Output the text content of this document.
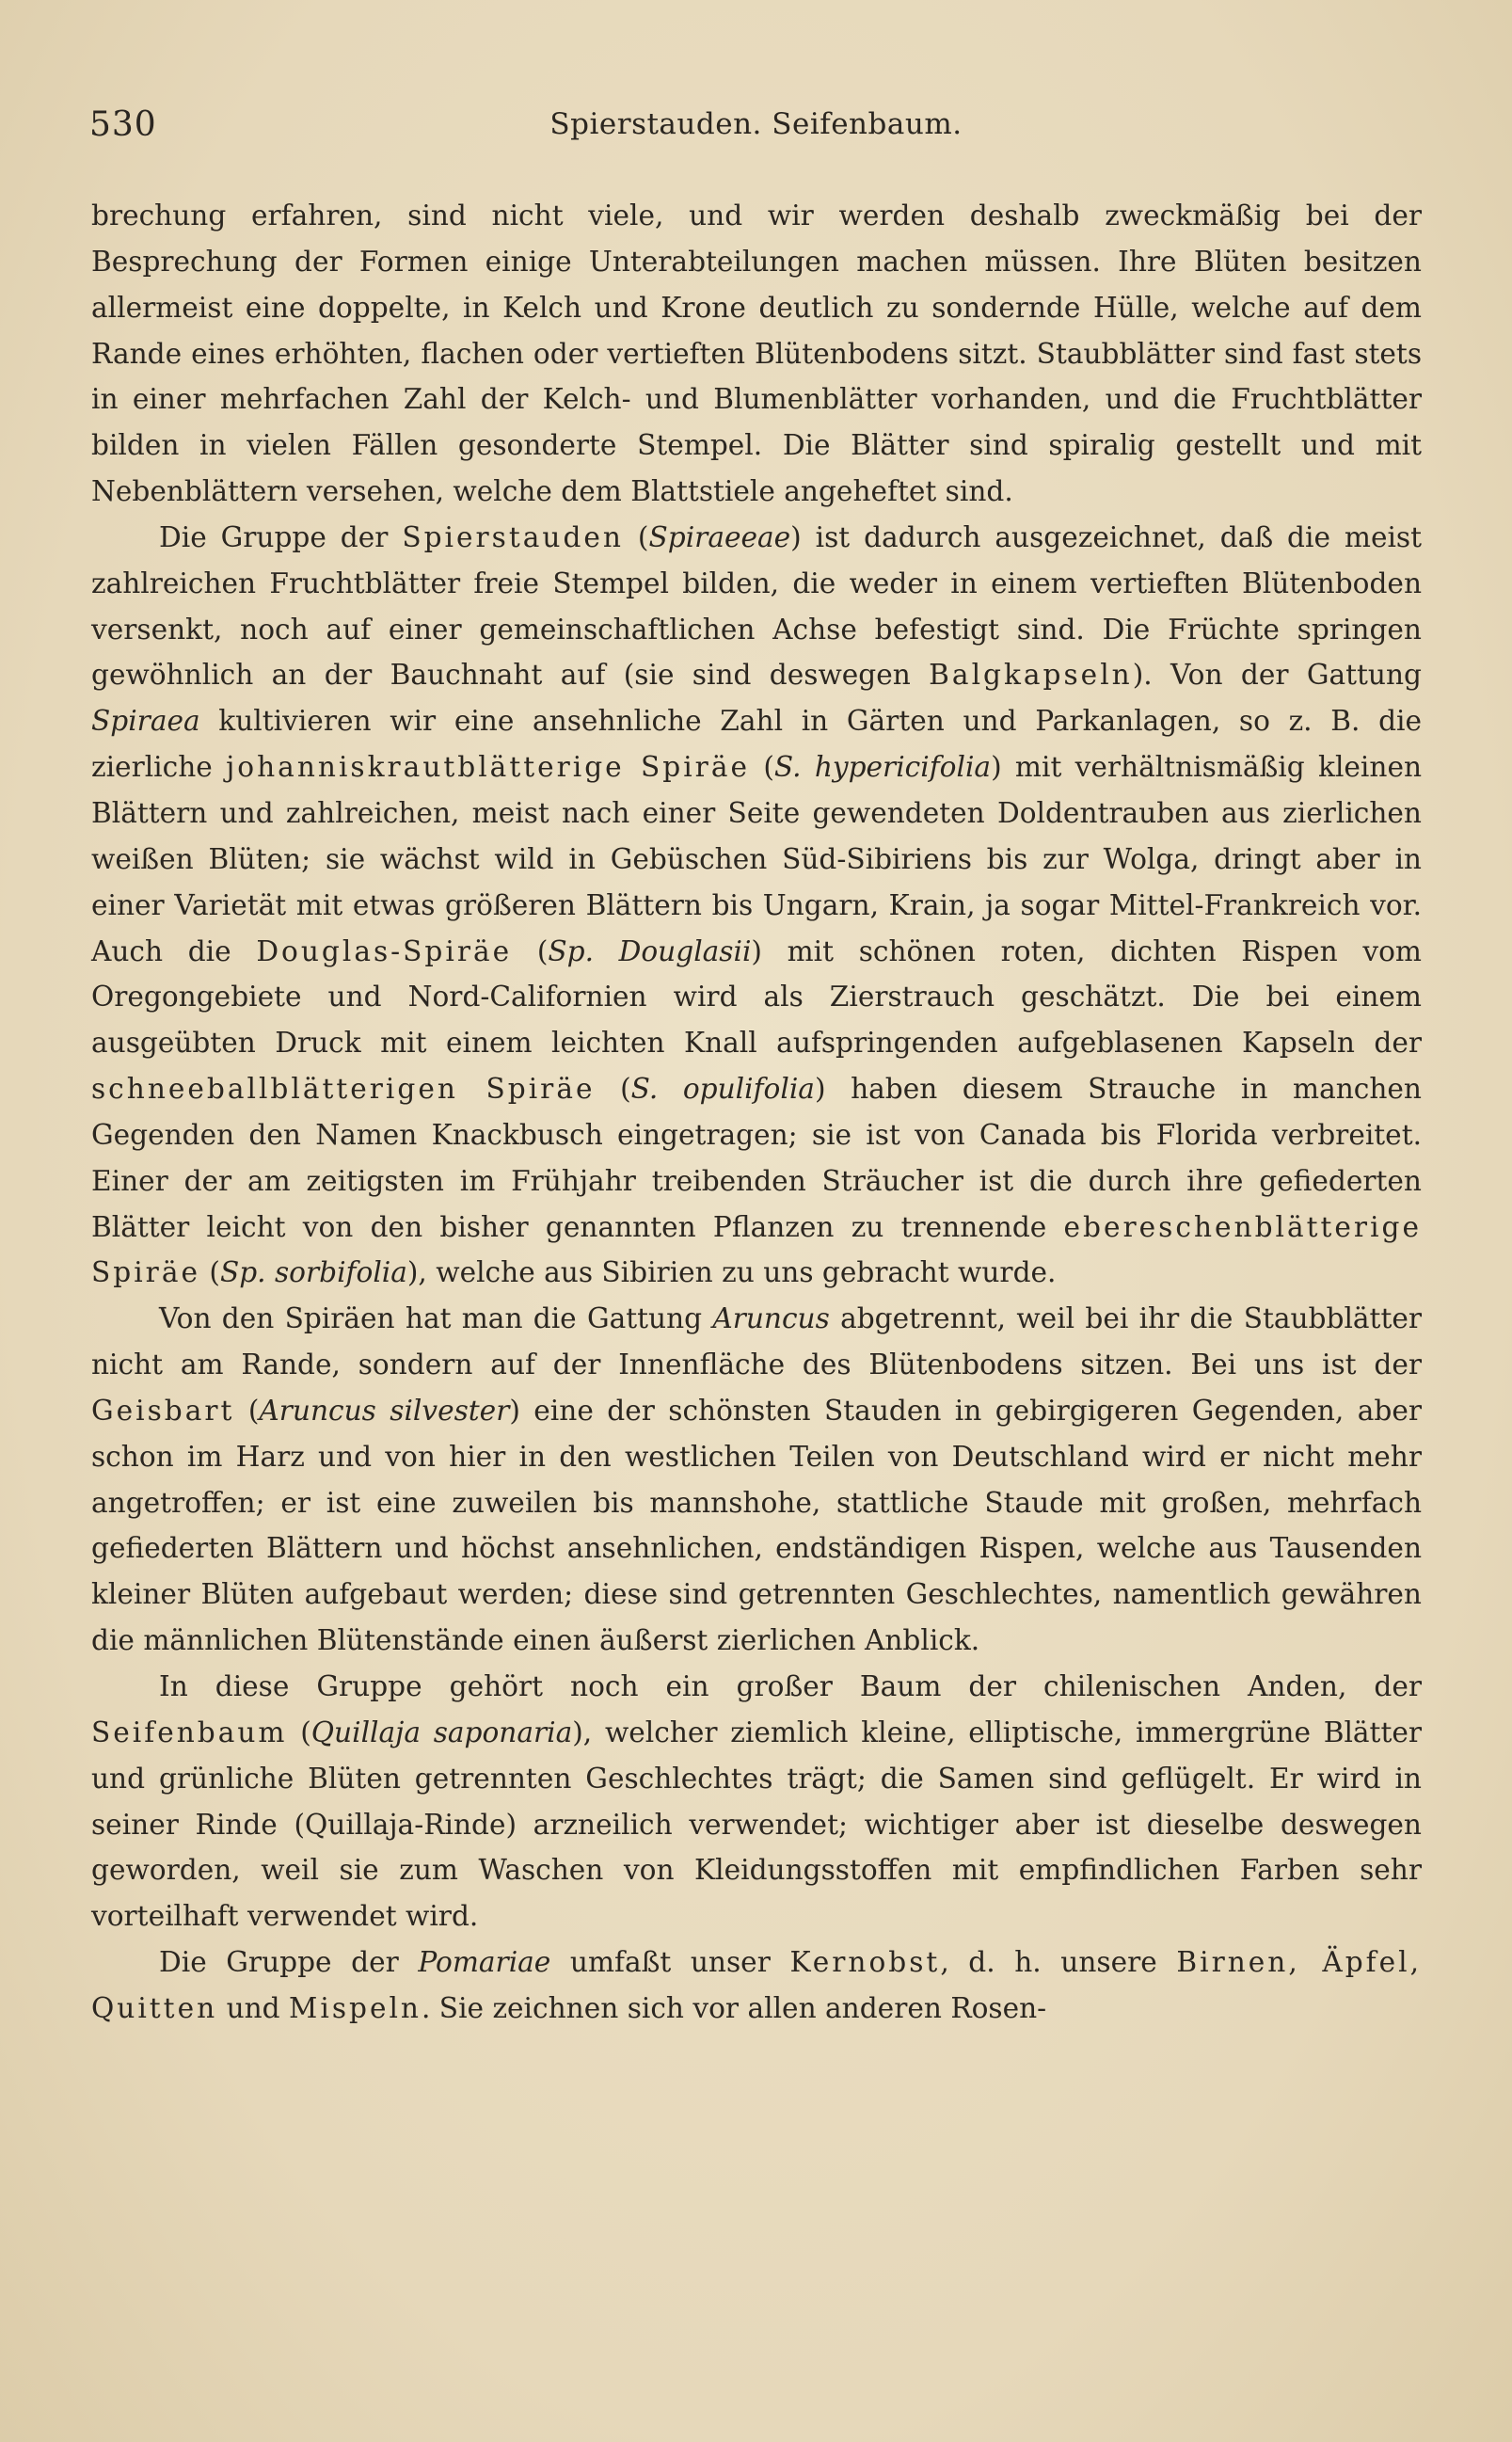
530	Spierstauden. Seifenbaum.

brechung erfahren, sind nicht viele, und wir werden deshalb zweckmäßig bei der Besprechung der Formen einige Unterabteilungen machen müssen. Ihre Blüten besitzen allermeist eine doppelte, in Kelch und Krone deutlich zu sondernde Hülle, welche auf dem Rande eines erhöhten, flachen oder vertieften Blütenbodens sitzt. Staubblätter sind fast stets in einer mehrfachen Zahl der Kelch- und Blumenblätter vorhanden, und die Fruchtblätter bilden in vielen Fällen gesonderte Stempel. Die Blätter sind spiralig gestellt und mit Nebenblättern versehen, welche dem Blattstiele angeheftet sind.

Die Gruppe der Spierstauden (Spiraeeae) ist dadurch ausgezeichnet, daß die meist zahlreichen Fruchtblätter freie Stempel bilden, die weder in einem vertieften Blütenboden versenkt, noch auf einer gemeinschaftlichen Achse befestigt sind. Die Früchte springen gewöhnlich an der Bauchnaht auf (sie sind deswegen Balgkapseln). Von der Gattung Spiraea kultivieren wir eine ansehnliche Zahl in Gärten und Parkanlagen, so z. B. die zierliche johanniskrautblätterige Spiräe (S. hypericifolia) mit verhältnismäßig kleinen Blättern und zahlreichen, meist nach einer Seite gewendeten Doldentrauben aus zierlichen weißen Blüten; sie wächst wild in Gebüschen Süd-Sibiriens bis zur Wolga, dringt aber in einer Varietät mit etwas größeren Blättern bis Ungarn, Krain, ja sogar Mittel-Frankreich vor. Auch die Douglas-Spiräe (Sp. Douglasii) mit schönen roten, dichten Rispen vom Oregongebiete und Nord-Californien wird als Zierstrauch geschätzt. Die bei einem ausgeübten Druck mit einem leichten Knall aufspringenden aufgeblasenen Kapseln der schneeballblätterigen Spiräe (S. opulifolia) haben diesem Strauche in manchen Gegenden den Namen Knackbusch eingetragen; sie ist von Canada bis Florida verbreitet. Einer der am zeitigsten im Frühjahr treibenden Sträucher ist die durch ihre gefiederten Blätter leicht von den bisher genannten Pflanzen zu trennende ebereschenblätterige Spiräe (Sp. sorbifolia), welche aus Sibirien zu uns gebracht wurde.

Von den Spiräen hat man die Gattung Aruncus abgetrennt, weil bei ihr die Staubblätter nicht am Rande, sondern auf der Innenfläche des Blütenbodens sitzen. Bei uns ist der Geisbart (Aruncus silvester) eine der schönsten Stauden in gebirgigeren Gegenden, aber schon im Harz und von hier in den westlichen Teilen von Deutschland wird er nicht mehr angetroffen; er ist eine zuweilen bis mannshohe, stattliche Staude mit großen, mehrfach gefiederten Blättern und höchst ansehnlichen, endständigen Rispen, welche aus Tausenden kleiner Blüten aufgebaut werden; diese sind getrennten Geschlechtes, namentlich gewähren die männlichen Blütenstände einen äußerst zierlichen Anblick.

In diese Gruppe gehört noch ein großer Baum der chilenischen Anden, der Seifenbaum (Quillaja saponaria), welcher ziemlich kleine, elliptische, immergrüne Blätter und grünliche Blüten getrennten Geschlechtes trägt; die Samen sind geflügelt. Er wird in seiner Rinde (Quillaja-Rinde) arzneilich verwendet; wichtiger aber ist dieselbe deswegen geworden, weil sie zum Waschen von Kleidungsstoffen mit empfindlichen Farben sehr vorteilhaft verwendet wird.

Die Gruppe der Pomariae umfaßt unser Kernobst, d. h. unsere Birnen, Äpfel, Quitten und Mispeln. Sie zeichnen sich vor allen anderen Rosen-
